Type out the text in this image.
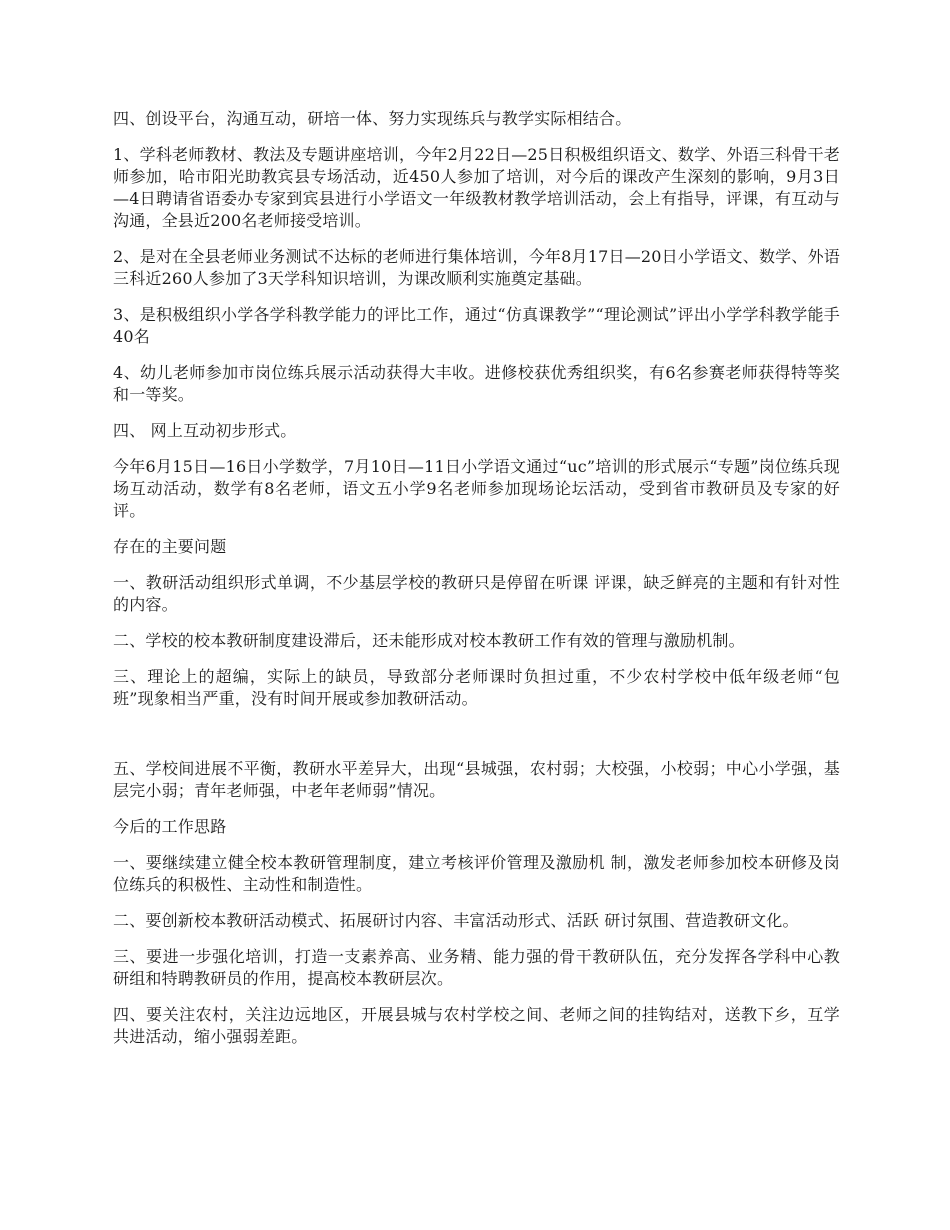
四、创设平台，沟通互动，研培一体、努力实现练兵与教学实际相结合。

1、学科老师教材、教法及专题讲座培训，今年2月22日—25日积极组织语文、数学、外语三科骨干老师参加，哈市阳光助教宾县专场活动，近450人参加了培训，对今后的课改产生深刻的影响，9月3日—4日聘请省语委办专家到宾县进行小学语文一年级教材教学培训活动，会上有指导，评课，有互动与沟通，全县近200名老师接受培训。

2、是对在全县老师业务测试不达标的老师进行集体培训，今年8月17日—20日小学语文、数学、外语三科近260人参加了3天学科知识培训，为课改顺利实施奠定基础。

3、是积极组织小学各学科教学能力的评比工作，通过“仿真课教学”“理论测试”评出小学学科教学能手40名

4、幼儿老师参加市岗位练兵展示活动获得大丰收。进修校获优秀组织奖，有6名参赛老师获得特等奖和一等奖。

四、 网上互动初步形式。

今年6月15日—16日小学数学，7月10日—11日小学语文通过“uc”培训的形式展示“专题”岗位练兵现场互动活动，数学有8名老师，语文五小学9名老师参加现场论坛活动，受到省市教研员及专家的好评。

存在的主要问题

一、教研活动组织形式单调，不少基层学校的教研只是停留在听课 评课，缺乏鲜亮的主题和有针对性的内容。

二、学校的校本教研制度建设滞后，还未能形成对校本教研工作有效的管理与激励机制。

三、理论上的超编，实际上的缺员，导致部分老师课时负担过重，不少农村学校中低年级老师“包班”现象相当严重，没有时间开展或参加教研活动。

五、学校间进展不平衡，教研水平差异大，出现“县城强，农村弱；大校强，小校弱；中心小学强，基层完小弱；青年老师强，中老年老师弱”情况。

今后的工作思路

一、要继续建立健全校本教研管理制度，建立考核评价管理及激励机 制，激发老师参加校本研修及岗位练兵的积极性、主动性和制造性。

二、要创新校本教研活动模式、拓展研讨内容、丰富活动形式、活跃 研讨氛围、营造教研文化。

三、要进一步强化培训，打造一支素养高、业务精、能力强的骨干教研队伍，充分发挥各学科中心教研组和特聘教研员的作用，提高校本教研层次。

四、要关注农村，关注边远地区，开展县城与农村学校之间、老师之间的挂钩结对，送教下乡，互学共进活动，缩小强弱差距。
